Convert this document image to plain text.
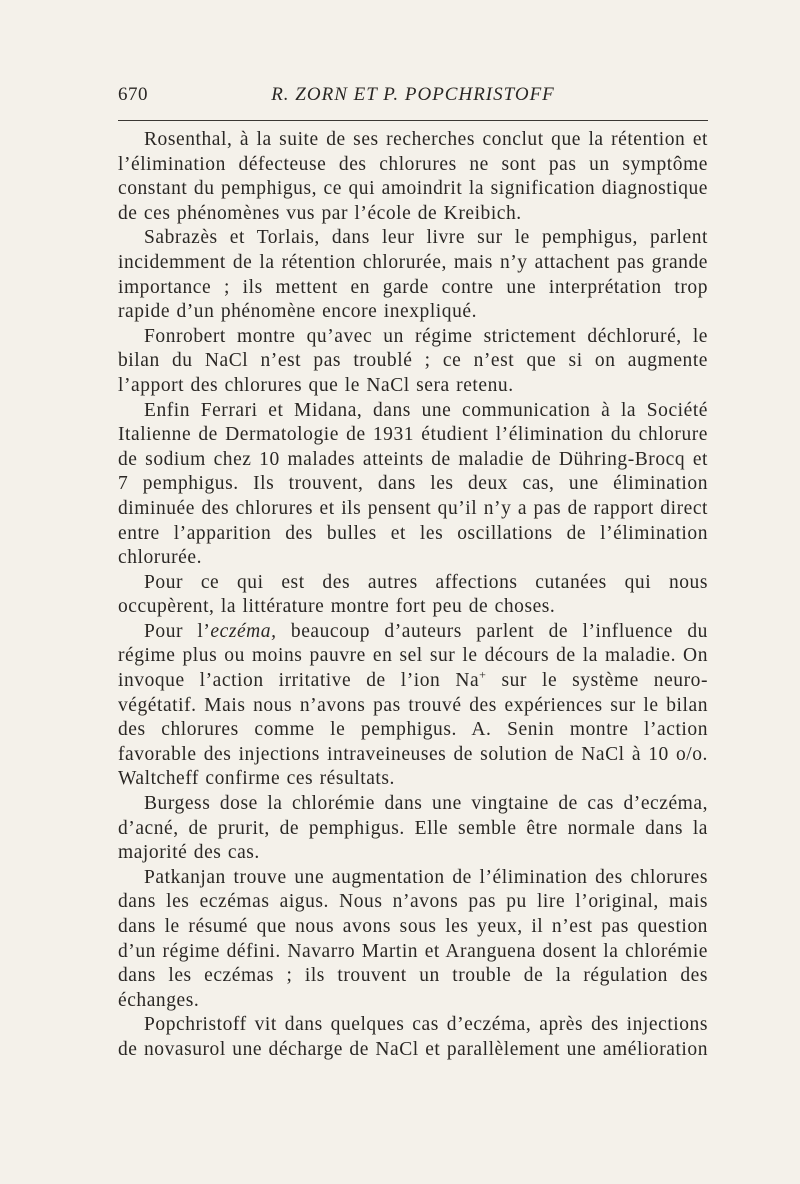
670	R. ZORN ET P. POPCHRISTOFF

Rosenthal, à la suite de ses recherches conclut que la rétention et l’élimination défecteuse des chlorures ne sont pas un symptôme constant du pemphigus, ce qui amoindrit la signification diagnostique de ces phénomènes vus par l’école de Kreibich.

Sabrazès et Torlais, dans leur livre sur le pemphigus, parlent incidemment de la rétention chlorurée, mais n’y attachent pas grande importance ; ils mettent en garde contre une interprétation trop rapide d’un phénomène encore inexpliqué.

Fonrobert montre qu’avec un régime strictement déchloruré, le bilan du NaCl n’est pas troublé ; ce n’est que si on augmente l’apport des chlorures que le NaCl sera retenu.

Enfin Ferrari et Midana, dans une communication à la Société Italienne de Dermatologie de 1931 étudient l’élimination du chlorure de sodium chez 10 malades atteints de maladie de Dühring-Brocq et 7 pemphigus. Ils trouvent, dans les deux cas, une élimination diminuée des chlorures et ils pensent qu’il n’y a pas de rapport direct entre l’apparition des bulles et les oscillations de l’élimination chlorurée.

Pour ce qui est des autres affections cutanées qui nous occupèrent, la littérature montre fort peu de choses.

Pour l’eczéma, beaucoup d’auteurs parlent de l’influence du régime plus ou moins pauvre en sel sur le décours de la maladie. On invoque l’action irritative de l’ion Na+ sur le système neuro-végétatif. Mais nous n’avons pas trouvé des expériences sur le bilan des chlorures comme le pemphigus. A. Senin montre l’action favorable des injections intraveineuses de solution de NaCl à 10 o/o. Waltcheff confirme ces résultats.

Burgess dose la chlorémie dans une vingtaine de cas d’eczéma, d’acné, de prurit, de pemphigus. Elle semble être normale dans la majorité des cas.

Patkanjan trouve une augmentation de l’élimination des chlorures dans les eczémas aigus. Nous n’avons pas pu lire l’original, mais dans le résumé que nous avons sous les yeux, il n’est pas question d’un régime défini. Navarro Martin et Aranguena dosent la chlorémie dans les eczémas ; ils trouvent un trouble de la régulation des échanges.

Popchristoff vit dans quelques cas d’eczéma, après des injections de novasurol une décharge de NaCl et parallèlement une amélioration
